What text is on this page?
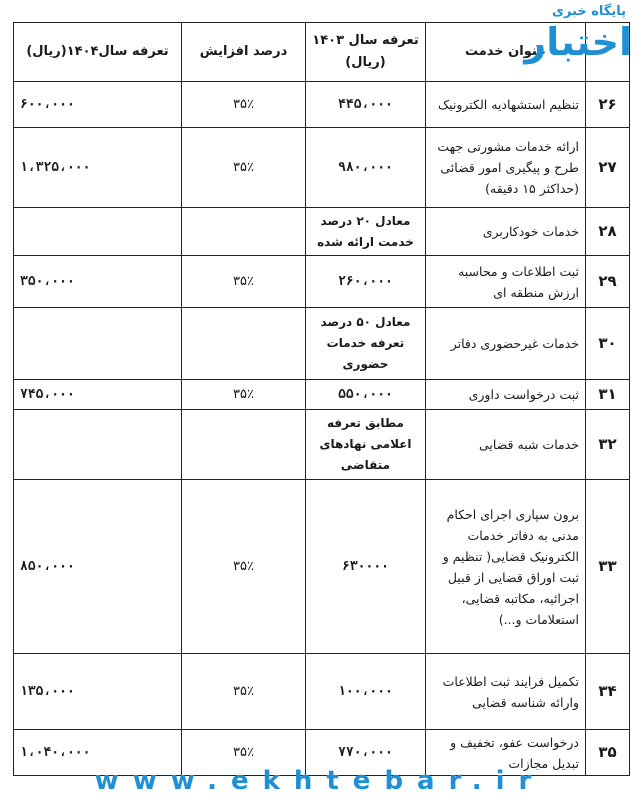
	عنوان خدمت	تعرفه سال ۱۴۰۳ (ریال)	درصد افزایش	تعرفه سال۱۴۰۴(ریال)
۲۶	تنظیم استشهادیه الکترونیک	۴۴۵،۰۰۰	۳۵٪	۶۰۰،۰۰۰
۲۷	ارائه خدمات مشورتی جهت طرح و پیگیری امور قضائی (حداکثر ۱۵ دقیقه)	۹۸۰،۰۰۰	۳۵٪	۱،۳۲۵،۰۰۰
۲۸	خدمات خودکاربری	معادل ۲۰ درصد خدمت ارائه شده		
۲۹	ثبت اطلاعات و محاسبه ارزش منطقه ای	۲۶۰،۰۰۰	۳۵٪	۳۵۰،۰۰۰
۳۰	خدمات غیرحضوری دفاتر	معادل ۵۰ درصد تعرفه خدمات حضوری		
۳۱	ثبت درخواست داوری	۵۵۰،۰۰۰	۳۵٪	۷۴۵،۰۰۰
۳۲	خدمات شبه قضایی	مطابق تعرفه اعلامی نهادهای متقاضی		
۳۳	برون سپاری اجرای احکام مدنی به دفاتر خدمات الکترونیک قضایی( تنظیم و ثبت اوراق قضایی از قبیل اجرائیه، مکاتبه قضایی، استعلامات و...)	۶۳۰۰۰۰	۳۵٪	۸۵۰،۰۰۰
۳۴	تکمیل فرایند ثبت اطلاعات وارائه شناسه قضایی	۱۰۰،۰۰۰	۳۵٪	۱۳۵،۰۰۰
۳۵	درخواست عفو، تخفیف و تبدیل مجازات	۷۷۰،۰۰۰	۳۵٪	۱،۰۴۰،۰۰۰
پایگاه خبری
اختبار
www.ekhtebar.ir
